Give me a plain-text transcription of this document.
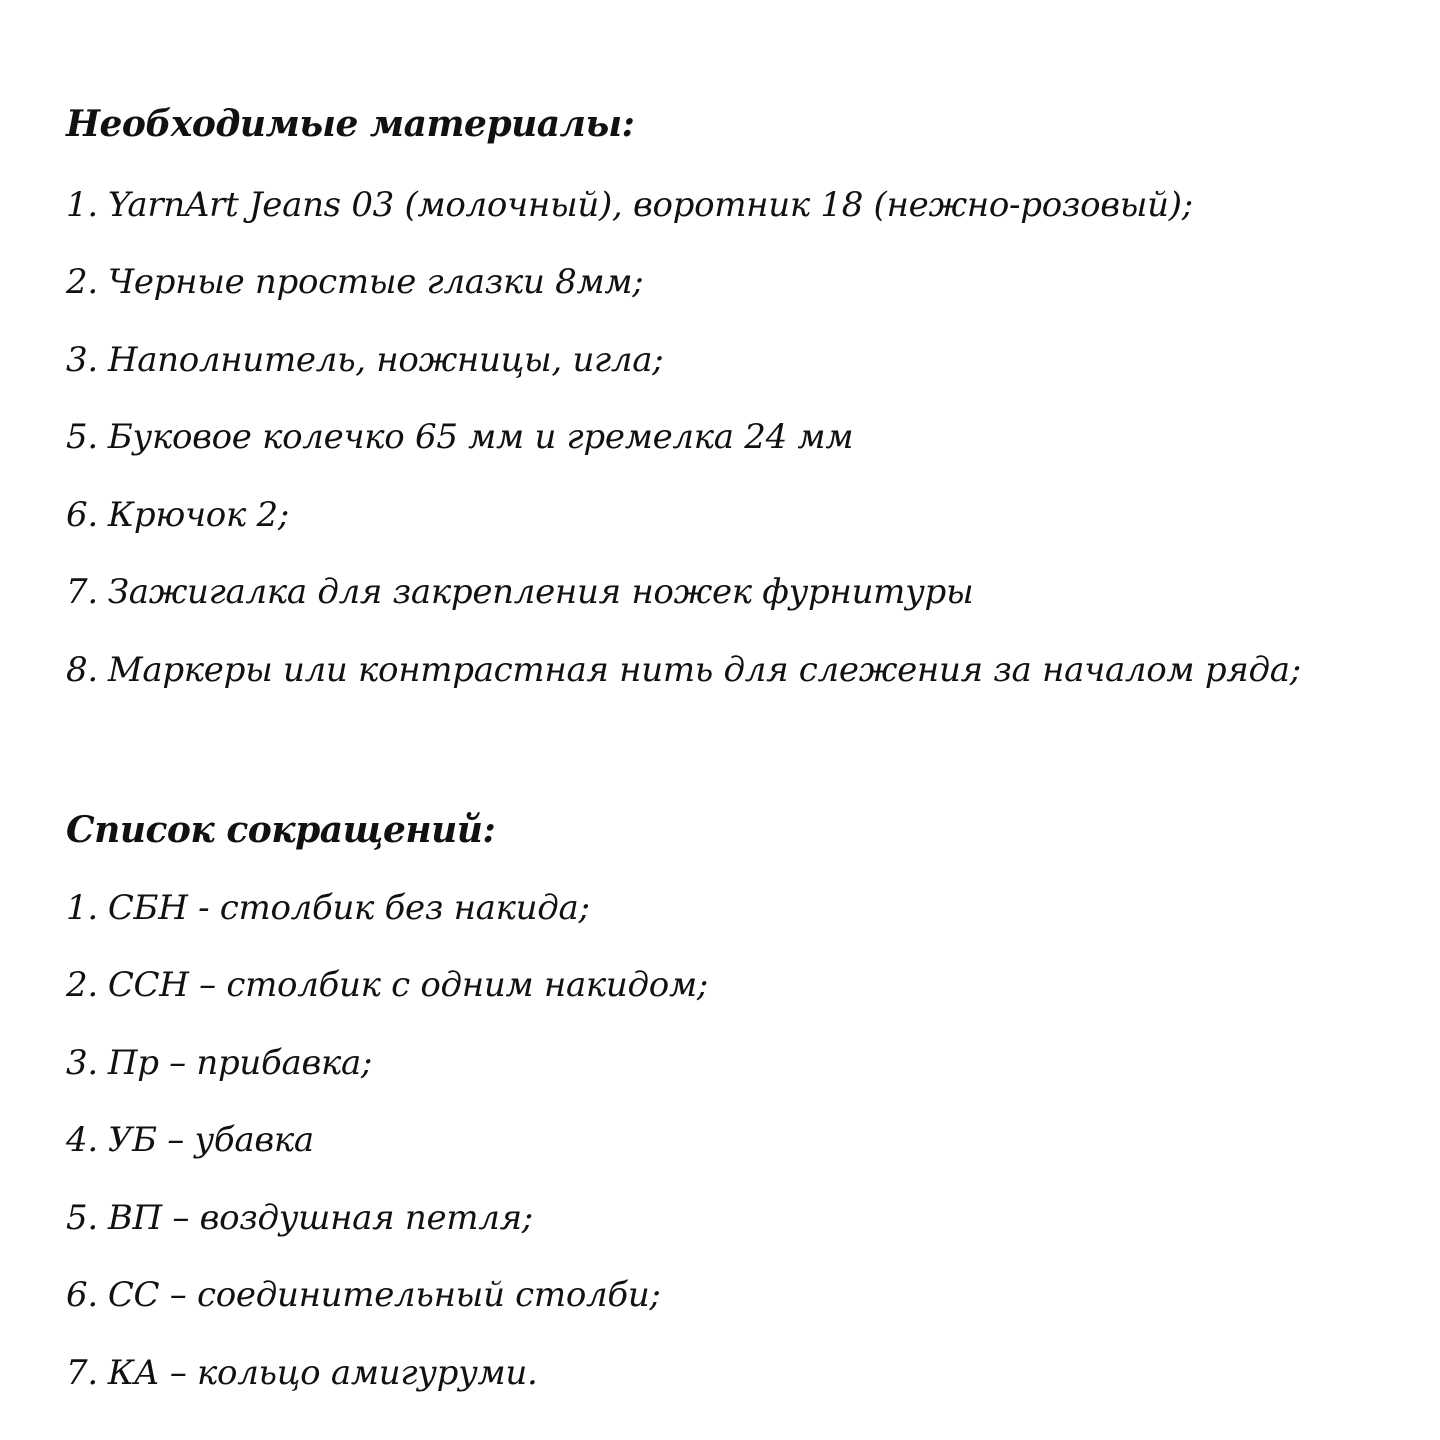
Необходимые материалы:
1. YarnArt Jeans 03 (молочный), воротник 18 (нежно-розовый);
2. Черные простые глазки 8мм;
3. Наполнитель, ножницы, игла;
5. Буковое колечко 65 мм и гремелка 24 мм
6. Крючок 2;
7. Зажигалка для закрепления ножек фурнитуры
8. Маркеры или контрастная нить для слежения за началом ряда;
Список сокращений:
1. СБН - столбик без накида;
2. ССН – столбик с одним накидом;
3. Пр – прибавка;
4. УБ – убавка
5. ВП – воздушная петля;
6. СС – соединительный столби;
7. КА – кольцо амигуруми.
